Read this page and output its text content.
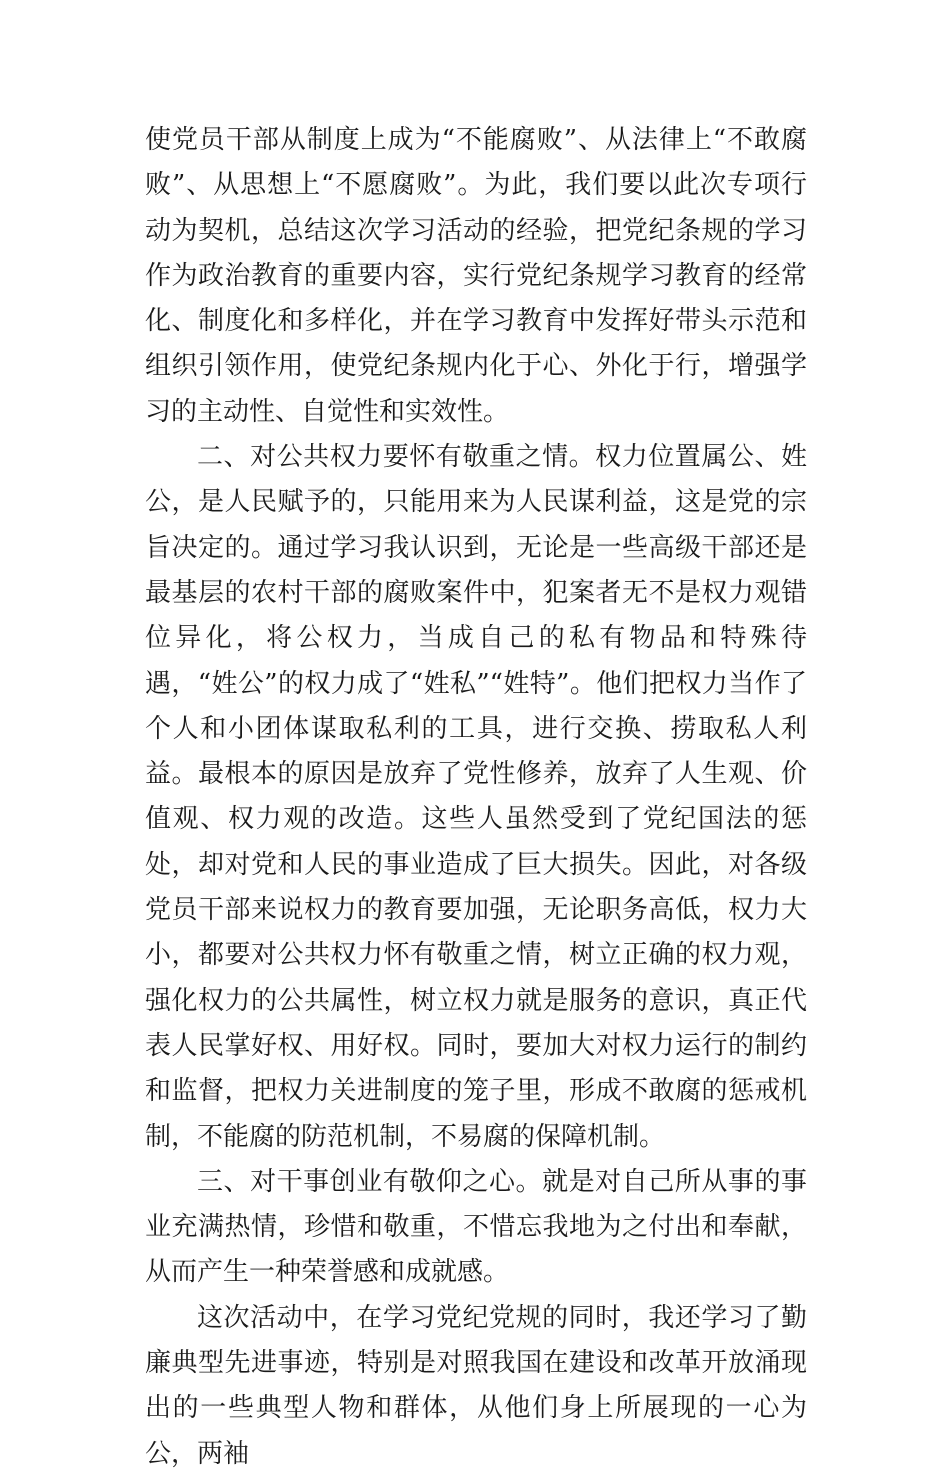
使党员干部从制度上成为“不能腐败”、从法律上“不敢腐败”、从思想上“不愿腐败”。为此，我们要以此次专项行动为契机，总结这次学习活动的经验，把党纪条规的学习作为政治教育的重要内容，实行党纪条规学习教育的经常化、制度化和多样化，并在学习教育中发挥好带头示范和组织引领作用，使党纪条规内化于心、外化于行，增强学习的主动性、自觉性和实效性。

二、对公共权力要怀有敬重之情。权力位置属公、姓公，是人民赋予的，只能用来为人民谋利益，这是党的宗旨决定的。通过学习我认识到，无论是一些高级干部还是最基层的农村干部的腐败案件中，犯案者无不是权力观错位异化，将公权力，当成自己的私有物品和特殊待遇，“姓公”的权力成了“姓私”“姓特”。他们把权力当作了个人和小团体谋取私利的工具，进行交换、捞取私人利益。最根本的原因是放弃了党性修养，放弃了人生观、价值观、权力观的改造。这些人虽然受到了党纪国法的惩处，却对党和人民的事业造成了巨大损失。因此，对各级党员干部来说权力的教育要加强，无论职务高低，权力大小，都要对公共权力怀有敬重之情，树立正确的权力观，强化权力的公共属性，树立权力就是服务的意识，真正代表人民掌好权、用好权。同时，要加大对权力运行的制约和监督，把权力关进制度的笼子里，形成不敢腐的惩戒机制，不能腐的防范机制，不易腐的保障机制。

三、对干事创业有敬仰之心。就是对自己所从事的事业充满热情，珍惜和敬重，不惜忘我地为之付出和奉献，从而产生一种荣誉感和成就感。

这次活动中，在学习党纪党规的同时，我还学习了勤廉典型先进事迹，特别是对照我国在建设和改革开放涌现出的一些典型人物和群体，从他们身上所展现的一心为公，两袖
